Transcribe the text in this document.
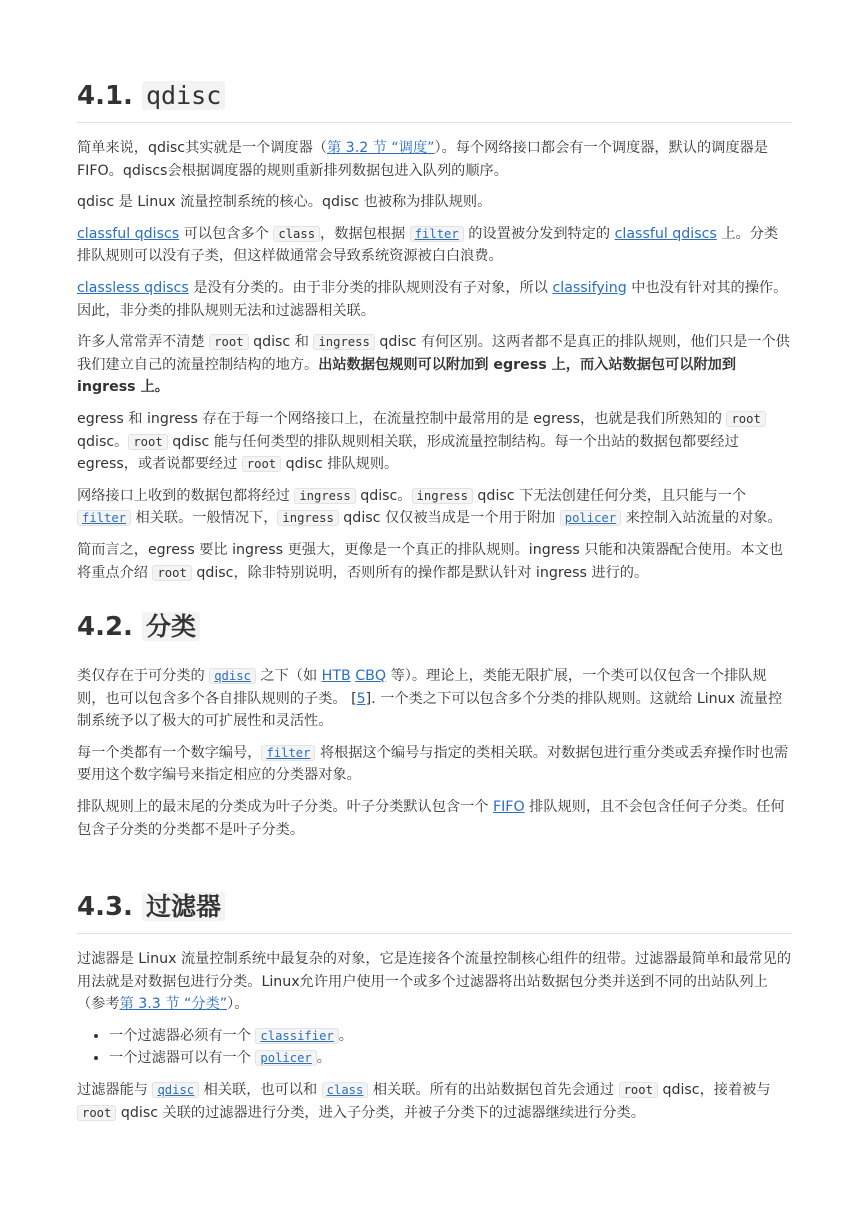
4.1. qdisc

简单来说，qdisc其实就是一个调度器（第 3.2 节 “调度”）。每个网络接口都会有一个调度器，默认的调度器是 FIFO。qdiscs会根据调度器的规则重新排列数据包进入队列的顺序。

qdisc 是 Linux 流量控制系统的核心。qdisc 也被称为排队规则。

classful qdiscs 可以包含多个 class ，数据包根据 filter 的设置被分发到特定的 classful qdiscs 上。分类排队规则可以没有子类，但这样做通常会导致系统资源被白白浪费。

classless qdiscs 是没有分类的。由于非分类的排队规则没有子对象，所以 classifying 中也没有针对其的操作。因此，非分类的排队规则无法和过滤器相关联。

许多人常常弄不清楚 root qdisc 和 ingress qdisc 有何区别。这两者都不是真正的排队规则，他们只是一个供我们建立自己的流量控制结构的地方。出站数据包规则可以附加到 egress 上，而入站数据包可以附加到 ingress 上。

egress 和 ingress 存在于每一个网络接口上，在流量控制中最常用的是 egress，也就是我们所熟知的 root qdisc。 root qdisc 能与任何类型的排队规则相关联，形成流量控制结构。每一个出站的数据包都要经过 egress，或者说都要经过 root qdisc 排队规则。

网络接口上收到的数据包都将经过 ingress qdisc。 ingress qdisc 下无法创建任何分类，且只能与一个 filter 相关联。一般情况下， ingress qdisc 仅仅被当成是一个用于附加 policer 来控制入站流量的对象。

简而言之，egress 要比 ingress 更强大，更像是一个真正的排队规则。ingress 只能和决策器配合使用。本文也将重点介绍 root qdisc，除非特别说明，否则所有的操作都是默认针对 ingress 进行的。

4.2. 分类

类仅存在于可分类的 qdisc 之下（如 HTB CBQ 等）。理论上，类能无限扩展，一个类可以仅包含一个排队规则，也可以包含多个各自排队规则的子类。 [5]. 一个类之下可以包含多个分类的排队规则。这就给 Linux 流量控制系统予以了极大的可扩展性和灵活性。

每一个类都有一个数字编号， filter 将根据这个编号与指定的类相关联。对数据包进行重分类或丢弃操作时也需要用这个数字编号来指定相应的分类器对象。

排队规则上的最末尾的分类成为叶子分类。叶子分类默认包含一个 FIFO 排队规则，且不会包含任何子分类。任何包含子分类的分类都不是叶子分类。

4.3. 过滤器

过滤器是 Linux 流量控制系统中最复杂的对象，它是连接各个流量控制核心组件的纽带。过滤器最简单和最常见的用法就是对数据包进行分类。Linux允许用户使用一个或多个过滤器将出站数据包分类并送到不同的出站队列上（参考第 3.3 节 “分类”）。

• 一个过滤器必须有一个 classifier 。
• 一个过滤器可以有一个 policer 。

过滤器能与 qdisc 相关联，也可以和 class 相关联。所有的出站数据包首先会通过 root qdisc，接着被与 root qdisc 关联的过滤器进行分类，进入子分类，并被子分类下的过滤器继续进行分类。
